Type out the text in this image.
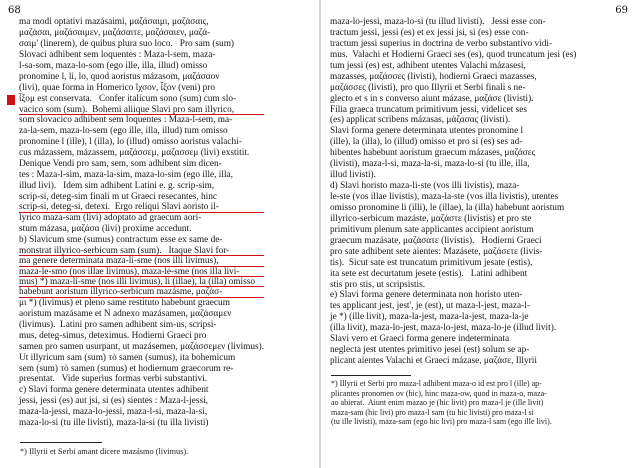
68
ma modi optativi mazásaimi, μαζάσαιμι, μαζάσαις,
μαζάσαι, μαζάσαιμεν, μαζάσαιτε, μαζάσαιεν, μαζά-
σαιμ' (linerem), de quibus plura suo loco.   Pro sam (sum)
Slovaci adhibent sem loquentes : Maza-l-sem, maza-
l-sa-som, maza-lo-som (ego ille, illa, illud) omisso
pronomine l, li, lo, quod aoristus mázasom, μαζάσαον
(livi), quae forma in Homerico ἴχσον, ἶξον (veni) pro
ἶξομ est conservata.   Confer italicum sono (sum) cum slo-
vacico som (sum).  Bohemi aliique Slavi pro sam illyrico,
som slovacico adhibent sem loquentes : Maza-l-sem, ma-
za-la-sem, maza-lo-sem (ego ille, illa, illud) tum omisso
pronomine l (ille), l (illa), lo (illud) omisso aoristus valachi-
cus mázassem, mázassem, μαζάσσεμ, μαζασσεμ (livi) exstitit.
Denique Vendi pro sam, sem, som adhibent sim dicen-
tes : Maza-l-sim, maza-la-sim, maza-lo-sim (ego ille, illa,
illud livi).   Idem sim adhibent Latini e. g. scrip-sim,
scrip-si, deteg-sim finali m ut Graeci resecantes, hinc
scrip-si, deteg-si, detexi.  Ergo reliqui Slavi aoristo il-
lyrico maza-sam (livi) adoptato ad graecum aori-
stum mázasa, μαζάσα (livi) proxime accedunt.
b) Slavicum sme (sumus) contractum esse ex same de-
monstrat illyrico-serbicum sam (sum).   Itaque Slavi for-
ma genere determinata maza-li-sme (nos illi livimus),
maza-le-smo (nos illae livimus), maza-le-sme (nos illa livi-
mus) *) maza-li-sme (nos illi livimus), li (illae), la (illa) omisso
habebunt aoristum illyrico-serbicum mazásme, μαζάσ-
μι *) (livimus) et pleno same restituto habebunt graecum
aoristum mazásame et N adnexo mazásamen, μαζάσαμεν
(livimus).  Latini pro samen adhibent sim-us, scripsi-
mus, deteg-simus, deteximus. Hodierni Graeci pro
samen pro samen usurpant, ut mazásemen, μαζάσσεμεν (livimus).
Ut illyricum sam (sum) τὸ samen (sumus), ita bohemicum
sem (sum) τὸ samen (sumus) et hodiernum graecorum re-
presentat.   Vide superius formas verbi substantivi.
c) Slavi forma genere determinata utentes adhibent
jessi, jessi (es) aut jsi, si (es) sientes : Maza-l-jessi,
maza-la-jessi, maza-lo-jessi, maza-l-si, maza-la-si,
maza-lo-si (tu ille livisti), maza-la-si (tu illa livisti)
*) Illyrii et Serbi amant dicere mazásmo (livimus).
69
maza-lo-jessi, maza-lo-si (tu illud livisti).   Jessi esse con-
tractum jessi, jessi (es) et ex jessi jsi, si (es) esse con-
tractum jessi superius in doctrina de verbo substantivo vidi-
mus.  Valachi et Hodierni Graeci ses (es), quod truncatum jesi (es)
tum jessi (es) est, adhibent utentes Valachi mázasesi,
mazasses, μαζάσσες (livisti), hodierni Graeci mazasses,
μαζάσσες (livisti), pro quo Illyrii et Serbi finali s ne-
glecto et s in s converso aiunt mázase, μαζάσε (livisti).
Filia graeca truncatum primitivum jessi, videlicet ses
(es) applicat scribens mázasas, μάζασας (livisti).
Slavi forma genere determinata utentes pronomine l
(ille), la (illa), lo (illud) omisso et pro si (es) ses ad-
hibentes habebunt aoristum graecum mázases, μαζάσες
(livisti), maza-l-si, maza-la-si, maza-lo-si (tu ille, illa,
illud livisti).
d) Slavi horisto maza-li-ste (vos illi livistis), maza-
le-ste (vos illae livistis), maza-la-ste (vos illa livistis), utentes
omisso pronomine li (illi), le (illae), la (illa) habebunt aoristum
illyrico-serbicum mazáste, μαζάστε (livistis) et pro ste
primitivum plenum sate applicantes accipient aoristum
graecum mazásate, μαζάσατε (livistis).   Hodierni Graeci
pro sate adhibent sete aientes: Mazásete, μαζάσετε (livis-
tis).  Sicut sate est truncatum primitivum jesate (estis),
ita sete est decurtatum jesete (estis).   Latini adhibent
stis pro stis, ut scripsistis.
e) Slavi forma genere determinata non horisto uten-
tes applicant jest, jest', je (est), ut maza-l-jest, maza-l-
je *) (ille livit), maza-la-jest, maza-la-jest, maza-la-je
(illa livit), maza-lo-jest, maza-lo-jest, maza-lo-je (illud livit).
Slavi vero et Graeci forma genere indeterminata
neglecta jest utentes primitivo jesei (est) solum se ap-
plicant aientes Valachi et Graeci mázase, μαζάσε, Illyrii
*) Illyrii et Serbi pro maza-l adhibent maza-o id est pro l (ille) ap-
plicantes pronomen ov (hic), hinc maza-ow, quod in maza-o, maza-
ao abierat.  Aiunt enim mazao je (hic livit) pro maza-l je (ille livit)
maza-sam (hic livi) pro maza-l sam (tu hic livisti) pro maza-l si
(tu ille livisti), maza-sam (ego hic livi) pro maza-l sam (ego ille livi).
